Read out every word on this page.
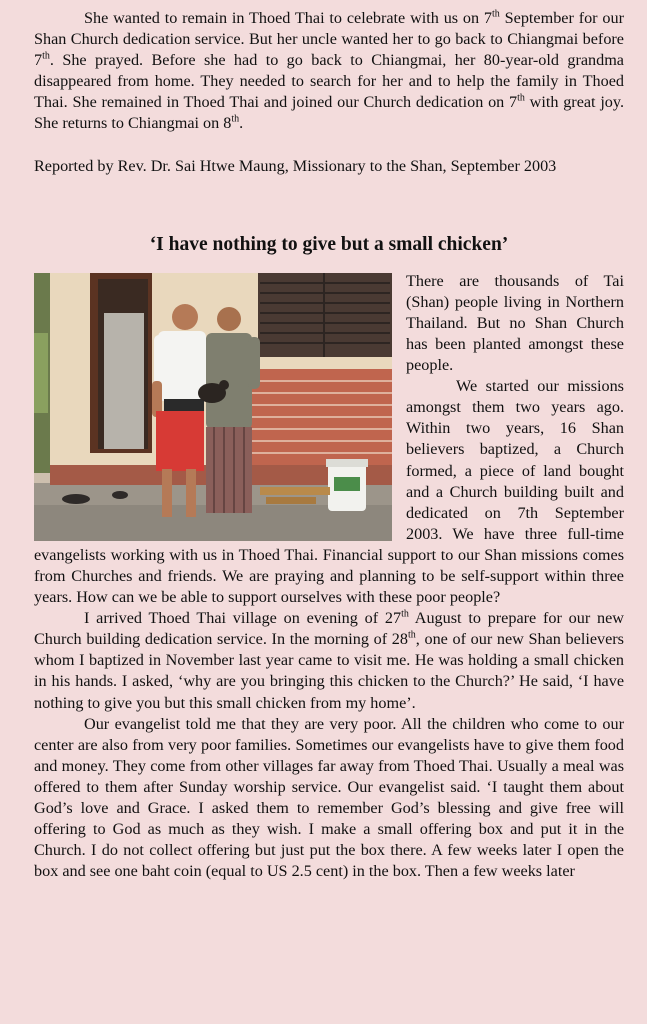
She wanted to remain in Thoed Thai to celebrate with us on 7th September for our Shan Church dedication service. But her uncle wanted her to go back to Chiangmai before 7th. She prayed. Before she had to go back to Chiangmai, her 80-year-old grandma disappeared from home. They needed to search for her and to help the family in Thoed Thai. She remained in Thoed Thai and joined our Church dedication on 7th with great joy. She returns to Chiangmai on 8th.

Reported by Rev. Dr. Sai Htwe Maung, Missionary to the Shan, September 2003

‘I have nothing to give but a small chicken’

There are thousands of Tai (Shan) people living in Northern Thailand. But no Shan Church has been planted amongst these people.

We started our missions amongst them two years ago. Within two years, 16 Shan believers baptized, a Church formed, a piece of land bought and a Church building built and dedicated on 7th September 2003. We have three full-time evangelists working with us in Thoed Thai. Financial support to our Shan missions comes from Churches and friends. We are praying and planning to be self-support within three years. How can we be able to support ourselves with these poor people?

I arrived Thoed Thai village on evening of 27th August to prepare for our new Church building dedication service. In the morning of 28th, one of our new Shan believers whom I baptized in November last year came to visit me. He was holding a small chicken in his hands. I asked, ‘why are you bringing this chicken to the Church?’ He said, ‘I have nothing to give you but this small chicken from my home’.

Our evangelist told me that they are very poor. All the children who come to our center are also from very poor families. Sometimes our evangelists have to give them food and money. They come from other villages far away from Thoed Thai. Usually a meal was offered to them after Sunday worship service. Our evangelist said. ‘I taught them about God’s love and Grace. I asked them to remember God’s blessing and give free will offering to God as much as they wish. I make a small offering box and put it in the Church. I do not collect offering but just put the box there. A few weeks later I open the box and see one baht coin (equal to US 2.5 cent) in the box. Then a few weeks later
